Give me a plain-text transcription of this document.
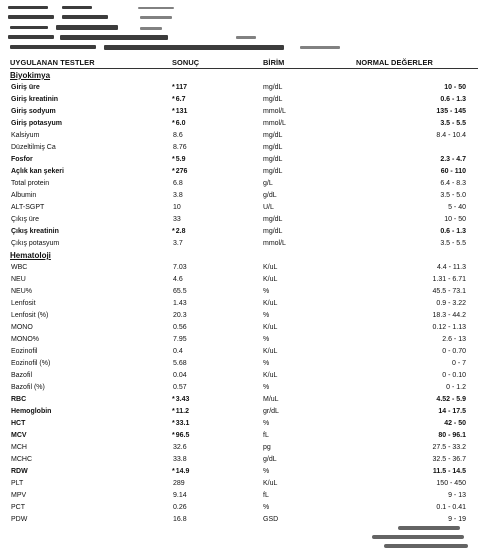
UYGULANAN TESTLER	SONUÇ	BİRİM	NORMAL DEĞERLER
Biyokimya
Giriş üre	*117	mg/dL	10 - 50
Giriş kreatinin	*6.7	mg/dL	0.6 - 1.3
Giriş sodyum	*131	mmol/L	135 - 145
Giriş potasyum	*6.0	mmol/L	3.5 - 5.5
Kalsiyum	8.6	mg/dL	8.4 - 10.4
Düzeltilmiş Ca	8.76	mg/dL
Fosfor	*5.9	mg/dL	2.3 - 4.7
Açlık kan şekeri	*276	mg/dL	60 - 110
Total protein	6.8	g/L	6.4 - 8.3
Albumin	3.8	g/dL	3.5 - 5.0
ALT-SGPT	10	U/L	5 - 40
Çıkış üre	33	mg/dL	10 - 50
Çıkış kreatinin	*2.8	mg/dL	0.6 - 1.3
Çıkış potasyum	3.7	mmol/L	3.5 - 5.5
Hematoloji
WBC	7.03	K/uL	4.4 - 11.3
NEU	4.6	K/uL	1.31 - 6.71
NEU%	65.5	%	45.5 - 73.1
Lenfosit	1.43	K/uL	0.9 - 3.22
Lenfosit (%)	20.3	%	18.3 - 44.2
MONO	0.56	K/uL	0.12 - 1.13
MONO%	7.95	%	2.6 - 13
Eozinofil	0.4	K/uL	0 - 0.70
Eozinofil (%)	5.68	%	0 - 7
Bazofil	0.04	K/uL	0 - 0.10
Bazofil (%)	0.57	%	0 - 1.2
RBC	*3.43	M/uL	4.52 - 5.9
Hemoglobin	*11.2	gr/dL	14 - 17.5
HCT	*33.1	%	42 - 50
MCV	*96.5	fL	80 - 96.1
MCH	32.6	pg	27.5 - 33.2
MCHC	33.8	g/dL	32.5 - 36.7
RDW	*14.9	%	11.5 - 14.5
PLT	289	K/uL	150 - 450
MPV	9.14	fL	9 - 13
PCT	0.26	%	0.1 - 0.41
PDW	16.8	GSD	9 - 19
